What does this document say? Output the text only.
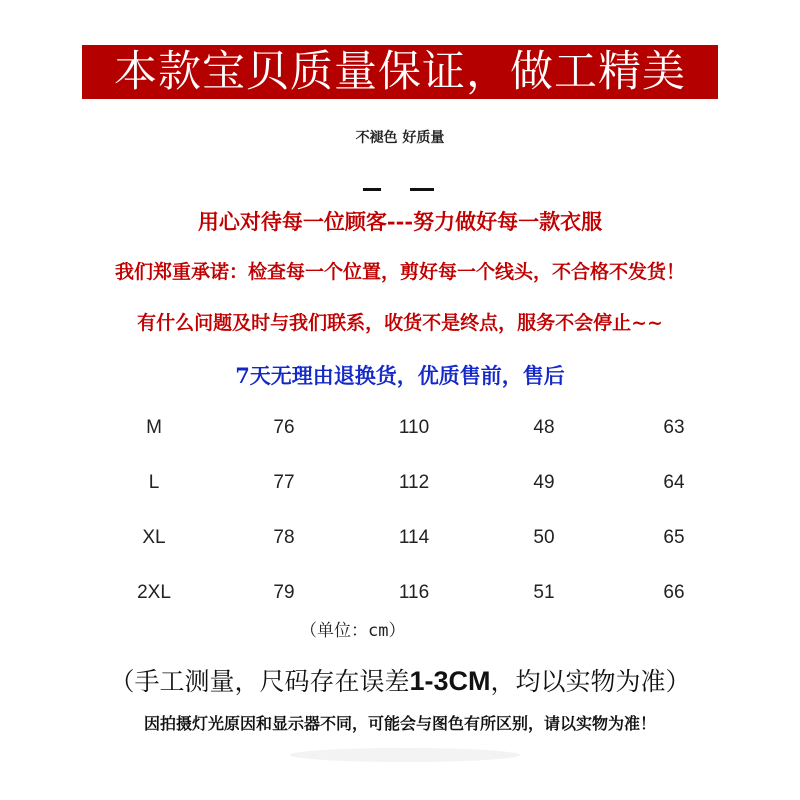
本款宝贝质量保证，做工精美
不褪色 好质量
用心对待每一位顾客---努力做好每一款衣服
我们郑重承诺：检查每一个位置，剪好每一个线头，不合格不发货！
有什么问题及时与我们联系，收货不是终点，服务不会停止~~
7天无理由退换货，优质售前，售后
M	76	110	48	63
L	77	112	49	64
XL	78	114	50	65
2XL	79	116	51	66
（单位：cm）
（手工测量，尺码存在误差1-3CM，均以实物为准）
因拍摄灯光原因和显示器不同，可能会与图色有所区别，请以实物为准！
